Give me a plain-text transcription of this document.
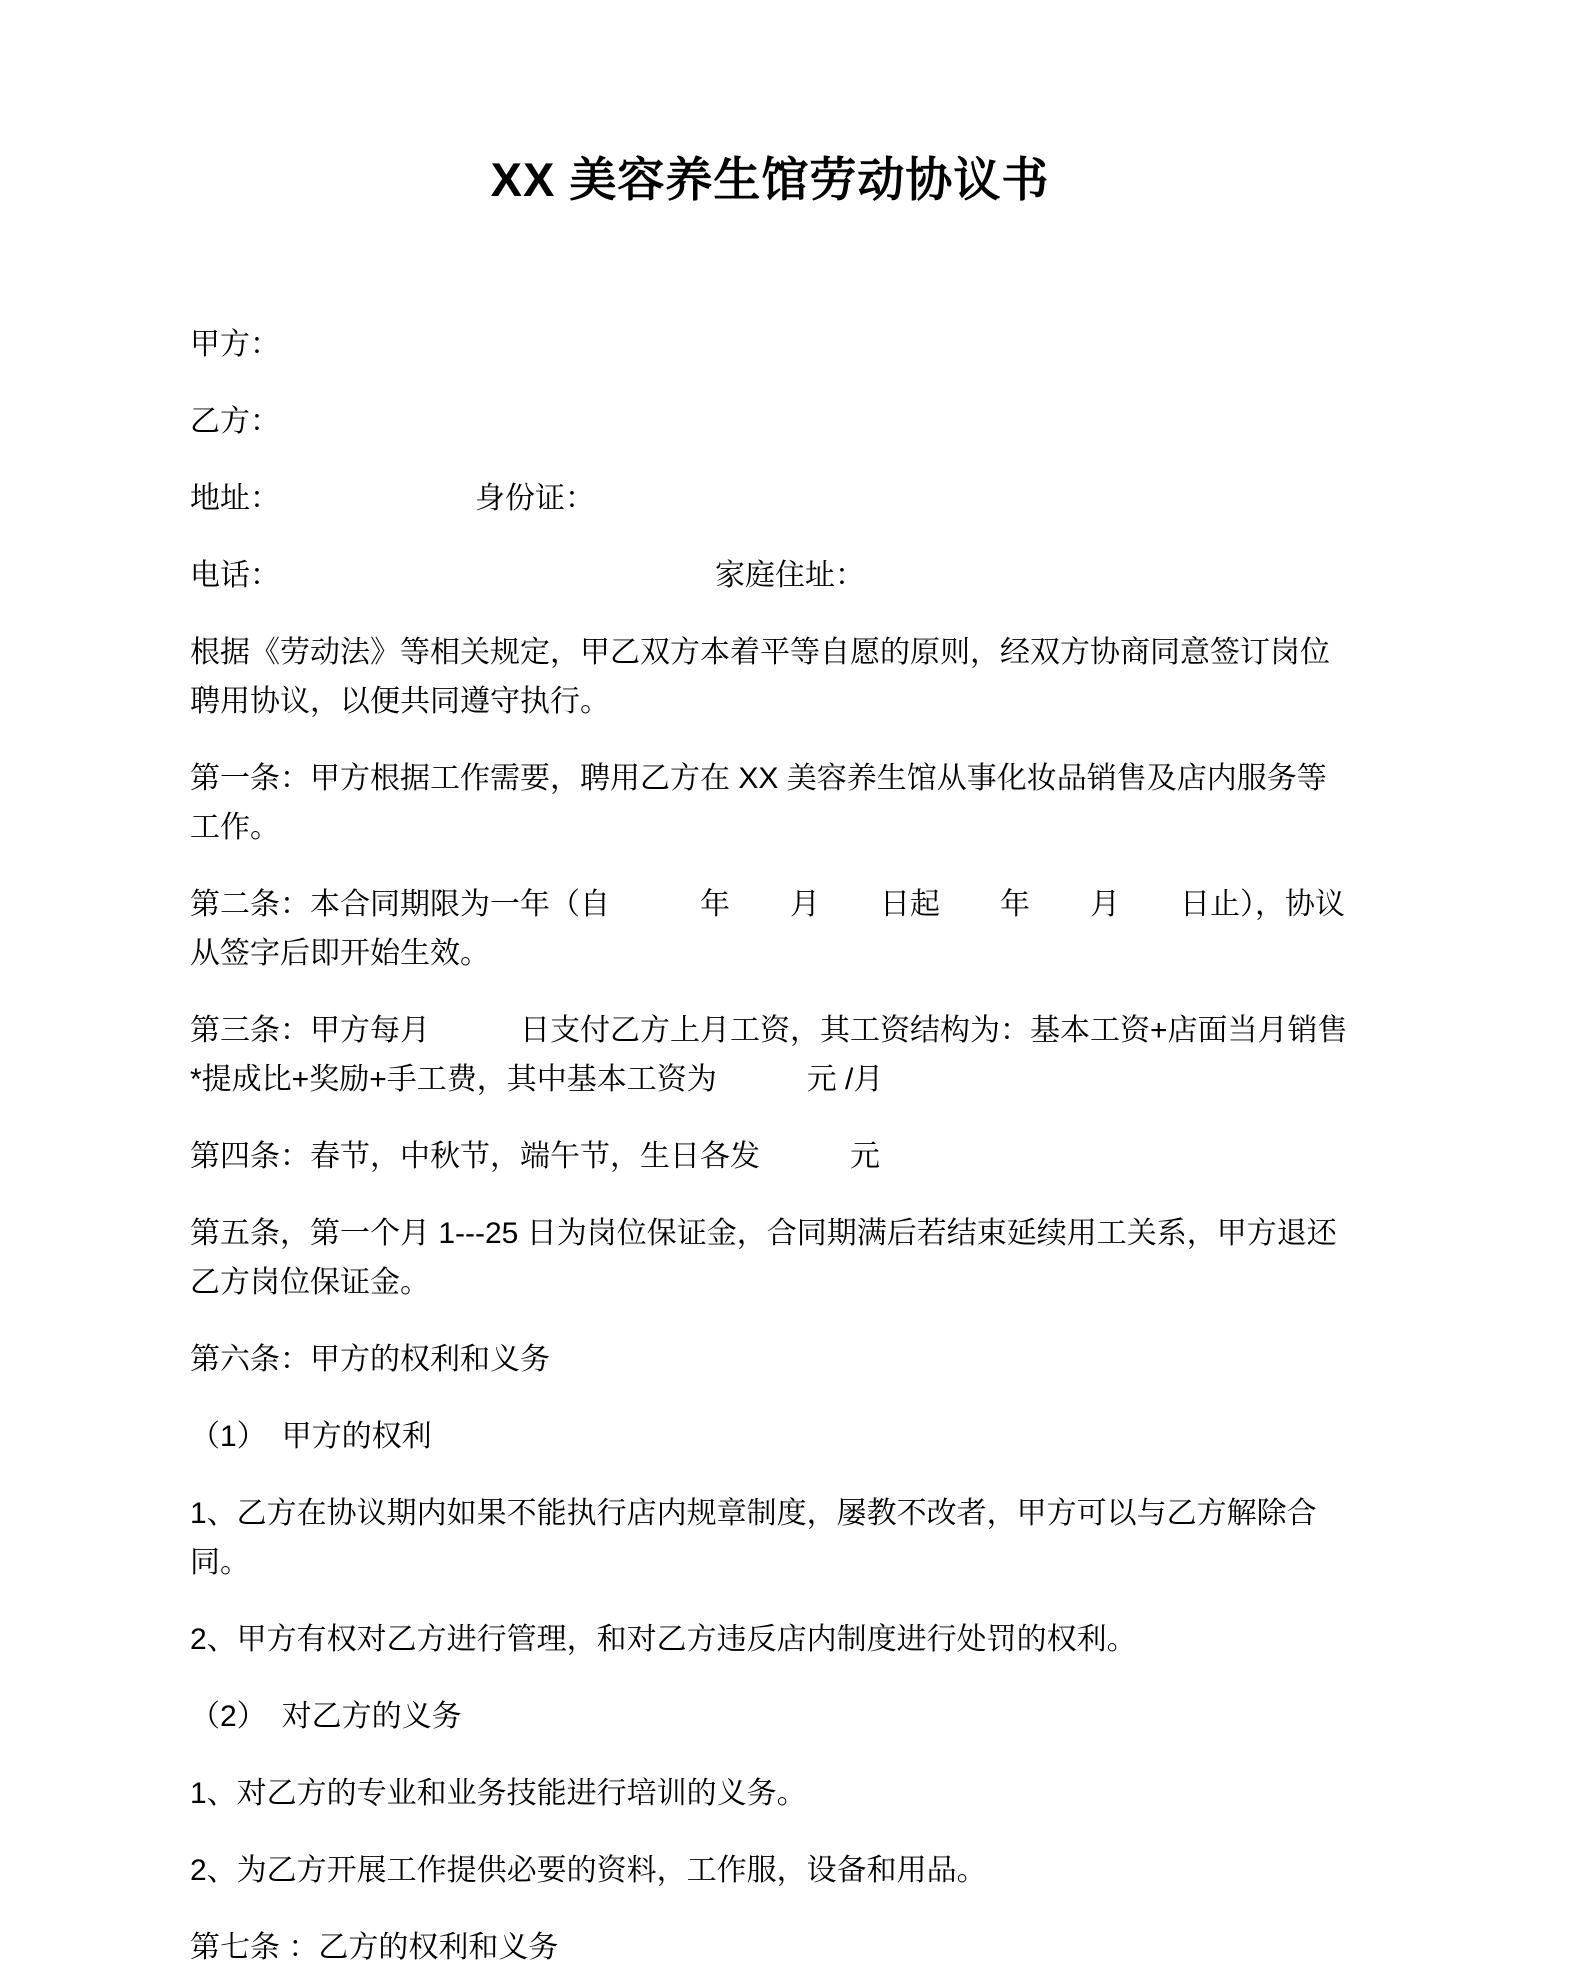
XX 美容养生馆劳动协议书

甲方：

乙方：

地址：　　　　　　　身份证：

电话：　　　　　　　　　　　　　　　家庭住址：

根据《劳动法》等相关规定，甲乙双方本着平等自愿的原则，经双方协商同意签订岗位聘用协议，以便共同遵守执行。

第一条：甲方根据工作需要，聘用乙方在 XX 美容养生馆从事化妆品销售及店内服务等工作。

第二条：本合同期限为一年（自　　　年　　月　　日起　　年　　月　　日止），协议从签字后即开始生效。

第三条：甲方每月　　　日支付乙方上月工资，其工资结构为：基本工资+店面当月销售*提成比+奖励+手工费，其中基本工资为　　　元 /月

第四条：春节，中秋节，端午节，生日各发　　　元

第五条，第一个月 1---25 日为岗位保证金，合同期满后若结束延续用工关系，甲方退还乙方岗位保证金。

第六条：甲方的权利和义务

（1）　甲方的权利

1、乙方在协议期内如果不能执行店内规章制度，屡教不改者，甲方可以与乙方解除合同。

2、甲方有权对乙方进行管理，和对乙方违反店内制度进行处罚的权利。

（2）　对乙方的义务

1、对乙方的专业和业务技能进行培训的义务。

2、为乙方开展工作提供必要的资料，工作服，设备和用品。

第七条 ：乙方的权利和义务
